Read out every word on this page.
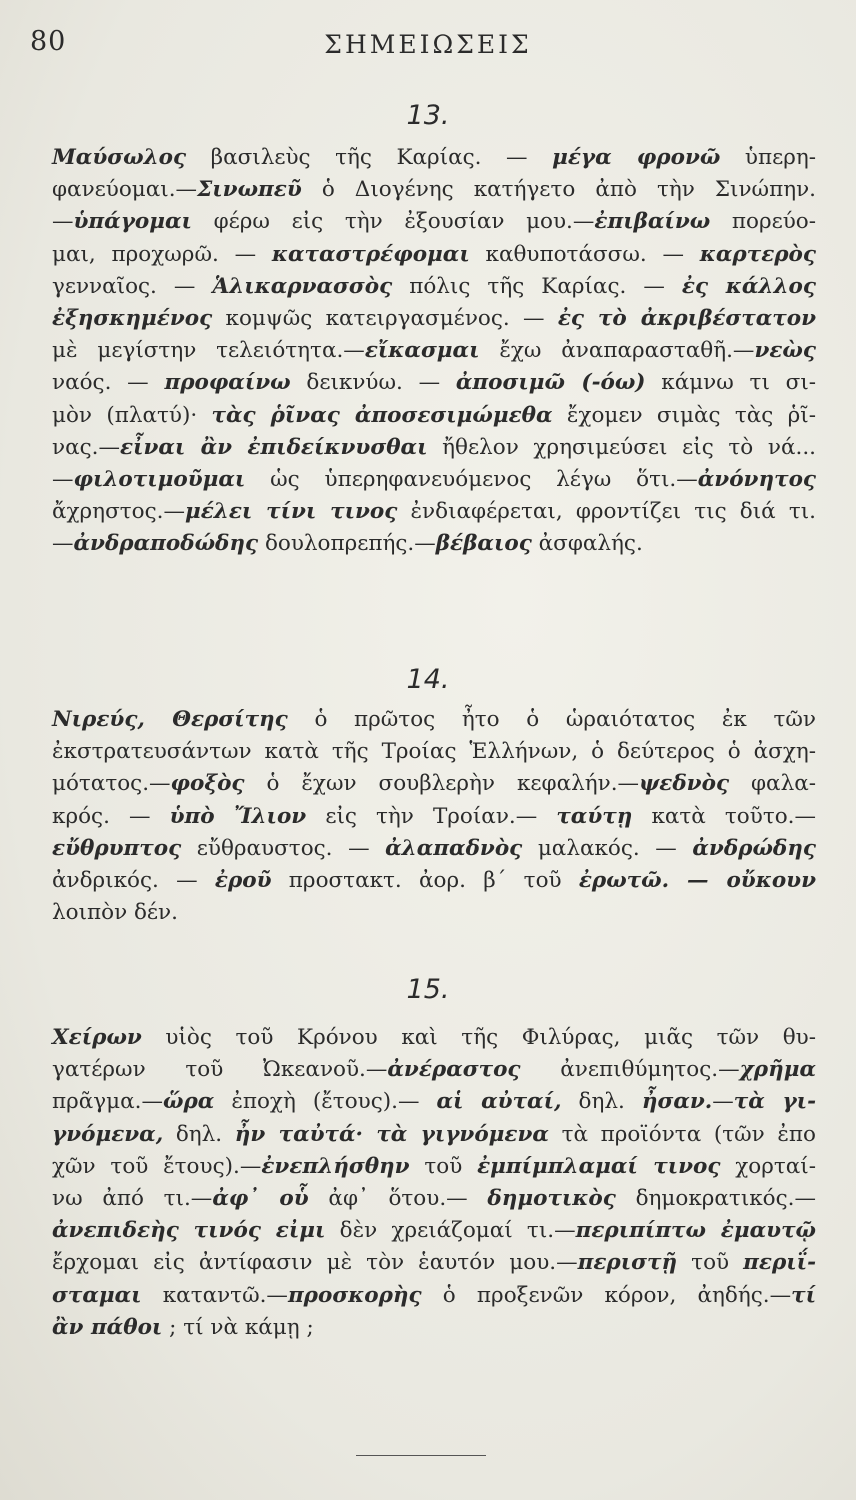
80	ΣΗΜΕΙΩΣΕΙΣ
13.
Μαύσωλος βασιλεὺς τῆς Καρίας. — μέγα φρονῶ ὑπερη-
φανεύομαι.—Σινωπεῦ ὁ Διογένης κατήγετο ἀπὸ τὴν Σινώπην.
—ὑπάγομαι φέρω εἰς τὴν ἐξουσίαν μου.—ἐπιβαίνω πορεύο-
μαι, προχωρῶ. — καταστρέφομαι καθυποτάσσω. — καρτερὸς
γενναῖος. — Ἁλικαρνασσὸς πόλις τῆς Καρίας. — ἐς κάλλος
ἐξησκημένος κομψῶς κατειργασμένος. — ἐς τὸ ἀκριβέστατον
μὲ μεγίστην τελειότητα.—εἴκασμαι ἔχω ἀναπαρασταθῆ.—νεὼς
ναός. — προφαίνω δεικνύω. — ἀποσιμῶ (-όω) κάμνω τι σι-
μὸν (πλατύ)· τὰς ῥῖνας ἀποσεσιμώμεθα ἔχομεν σιμὰς τὰς ῥῖ-
νας.—εἶναι ἂν ἐπιδείκνυσθαι ἤθελον χρησιμεύσει εἰς τὸ νά...
—φιλοτιμοῦμαι ὡς ὑπερηφανευόμενος λέγω ὅτι.—ἀνόνητος
ἄχρηστος.—μέλει τίνι τινος ἐνδιαφέρεται, φροντίζει τις διά τι.
—ἀνδραποδώδης δουλοπρεπής.—βέβαιος ἀσφαλής.
14.
Νιρεύς, Θερσίτης ὁ πρῶτος ἦτο ὁ ὡραιότατος ἐκ τῶν
ἐκστρατευσάντων κατὰ τῆς Τροίας Ἑλλήνων, ὁ δεύτερος ὁ ἀσχη-
μότατος.—φοξὸς ὁ ἔχων σουβλερὴν κεφαλήν.—ψεδνὸς φαλα-
κρός. — ὑπὸ Ἴλιον εἰς τὴν Τροίαν.— ταύτῃ κατὰ τοῦτο.—
εὔθρυπτος εὔθραυστος. — ἀλαπαδνὸς μαλακός. — ἀνδρώδης
ἀνδρικός. — ἐροῦ προστακτ. ἀορ. β´ τοῦ ἐρωτῶ. — οὔκουν
λοιπὸν δέν.
15.
Χείρων υἱὸς τοῦ Κρόνου καὶ τῆς Φιλύρας, μιᾶς τῶν θυ-
γατέρων τοῦ Ὠκεανοῦ.—ἀνέραστος ἀνεπιθύμητος.—χρῆμα
πρᾶγμα.—ὥρα ἐποχὴ (ἔτους).— αἱ αὐταί, δηλ. ἦσαν.—τὰ γι-
γνόμενα, δηλ. ἦν ταὐτά· τὰ γιγνόμενα τὰ προϊόντα (τῶν ἐπο
χῶν τοῦ ἔτους).—ἐνεπλήσθην τοῦ ἐμπίμπλαμαί τινος χορταί-
νω ἀπό τι.—ἀφ᾽ οὗ ἀφ᾽ ὅτου.— δημοτικὸς δημοκρατικός.—
ἀνεπιδεὴς τινός εἰμι δὲν χρειάζομαί τι.—περιπίπτω ἐμαυτῷ
ἔρχομαι εἰς ἀντίφασιν μὲ τὸν ἑαυτόν μου.—περιστῇ τοῦ περιΐ-
σταμαι καταντῶ.—προσκορὴς ὁ προξενῶν κόρον, ἀηδής.—τί
ἂν πάθοι ; τί νὰ κάμῃ ;
